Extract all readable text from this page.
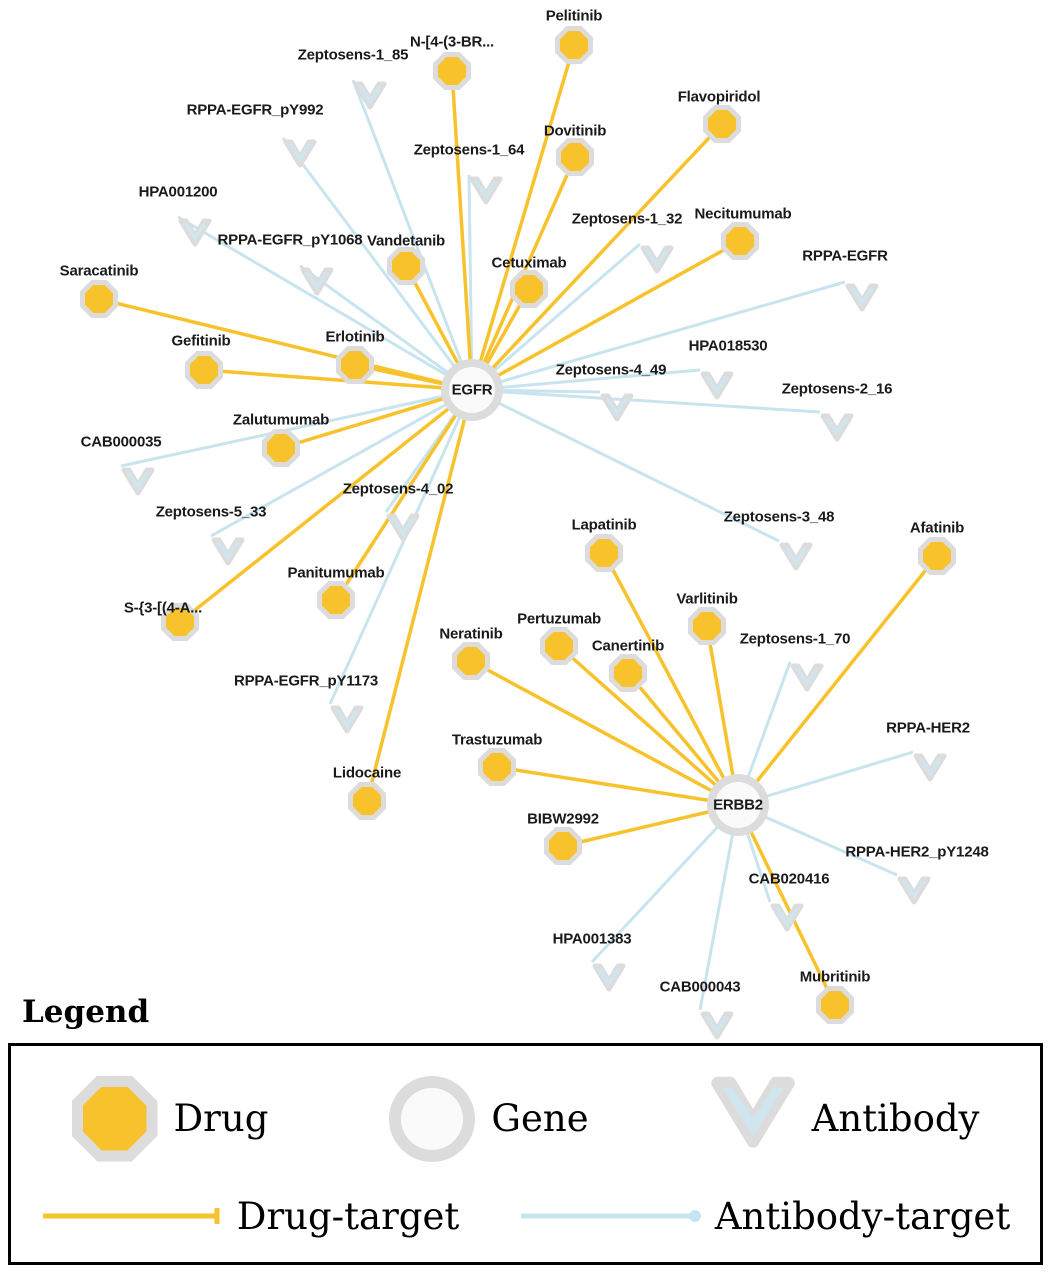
Pelitinib
N-[4-(3-BR...
Flavopiridol
Dovitinib
Necitumumab
Vandetanib
Cetuximab
Saracatinib
Gefitinib	Erlotinib
Zalutumumab
Lapatinib	Afatinib
Varlitinib
Panitumumab
S-{3-[(4-A...
Pertuzumab
Neratinib
Canertinib
Trastuzumab
Lidocaine
BIBW2992
Mubritinib
Zeptosens-1_85
RPPA-EGFR_pY992
Zeptosens-1_64
HPA001200
Zeptosens-1_32
RPPA-EGFR_pY1068
RPPA-EGFR
HPA018530
Zeptosens-4_49
Zeptosens-2_16
CAB000035
Zeptosens-4_02
Zeptosens-5_33	Zeptosens-3_48
Zeptosens-1_70
RPPA-EGFR_pY1173
RPPA-HER2
RPPA-HER2_pY1248
CAB020416
HPA001383
CAB000043
EGFR
ERBB2
Legend
Drug	Gene	Antibody
Drug-target	Antibody-target
